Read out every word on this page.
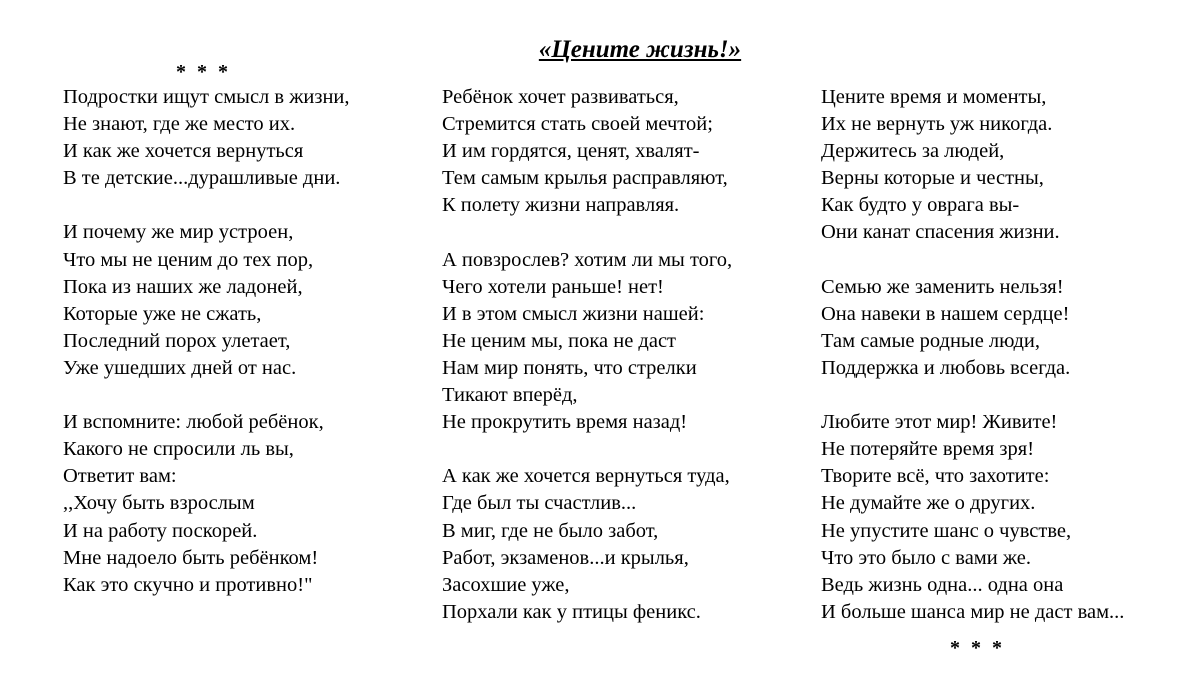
«Цените жизнь!»
* * *
* * *
Подростки ищут смысл в жизни,
Не знают, где же место их.
И как же хочется вернуться
В те детские...дурашливые дни.
И почему же мир устроен,
Что мы не ценим до тех пор,
Пока из наших же ладоней,
Которые уже не сжать,
Последний порох улетает,
Уже ушедших дней от нас.
И вспомните: любой ребёнок,
Какого не спросили ль вы,
Ответит вам:
,,Хочу быть взрослым
И на работу поскорей.
Мне надоело быть ребёнком!
Как это скучно и противно!"
Ребёнок хочет развиваться,
Стремится стать своей мечтой;
И им гордятся, ценят, хвалят-
Тем самым крылья расправляют,
К полету жизни направляя.
А повзрослев? хотим ли мы того,
Чего хотели раньше! нет!
И в этом смысл жизни нашей:
Не ценим мы, пока не даст
Нам мир понять, что стрелки
Тикают вперёд,
Не прокрутить время назад!
А как же хочется вернуться туда,
Где был ты счастлив...
В миг, где не было забот,
Работ, экзаменов...и крылья,
Засохшие уже,
Порхали как у птицы феникс.
Цените время и моменты,
Их не вернуть уж никогда.
Держитесь за людей,
Верны которые и честны,
Как будто у оврага вы-
Они канат спасения жизни.
Семью же заменить нельзя!
Она навеки в нашем сердце!
Там самые родные люди,
Поддержка и любовь всегда.
Любите этот мир! Живите!
Не потеряйте время зря!
Творите всё, что захотите:
Не думайте же о других.
Не упустите шанс о чувстве,
Что это было с вами же.
Ведь жизнь одна... одна она
И больше шанса мир не даст вам...
